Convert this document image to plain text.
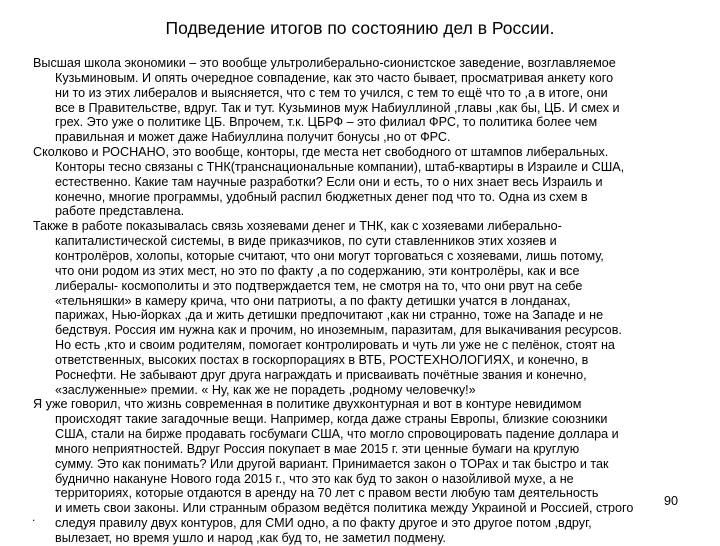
Подведение итогов по состоянию дел в России.
Высшая школа экономики – это вообще ультролиберально-сионистское заведение, возглавляемое
Кузьминовым. И опять очередное совпадение, как это часто бывает, просматривая анкету кого
ни то из этих либералов и выясняется, что с тем то учился, с тем то ещё что то ,а в итоге, они
все в Правительстве, вдруг. Так и тут. Кузьминов муж Набиуллиной ,главы ,как бы, ЦБ. И смех и
грех. Это уже о политике ЦБ. Впрочем, т.к. ЦБРФ – это филиал ФРС, то политика более чем
правильная и может даже Набиуллина получит бонусы ,но от ФРС.
Сколково и РОСНАНО, это вообще, конторы, где места нет свободного от штампов либеральных.
Конторы тесно связаны с ТНК(транснациональные компании), штаб-квартиры в Израиле и США,
естественно. Какие там научные разработки? Если они и есть, то о них знает весь Израиль и
конечно, многие программы, удобный распил бюджетных денег под что то. Одна из схем в
работе представлена.
Также в работе показывалась связь хозяевами денег и ТНК, как с хозяевами либерально-
капиталистической системы, в виде приказчиков, по сути ставленников этих хозяев и
контролёров, холопы, которые считают, что они могут торговаться с хозяевами, лишь потому,
что они родом из этих мест, но это по факту ,а по содержанию, эти контролёры, как и все
либералы- космополиты и это подтверждается тем, не смотря на то, что они рвут на себе
«тельняшки» в камеру крича, что они патриоты, а по факту детишки учатся в лонданах,
парижах, Нью-йорках ,да и жить детишки предпочитают ,как ни странно, тоже на Западе и не
бедствуя. Россия им нужна как и прочим, но иноземным, паразитам, для выкачивания ресурсов.
Но есть ,кто и своим родителям, помогает контролировать и чуть ли уже не с пелёнок, стоят на
ответственных, высоких постах в госкорпорациях в ВТБ, РОСТЕХНОЛОГИЯХ, и конечно, в
Роснефти. Не забывают друг друга награждать и присваивать почётные звания и конечно,
«заслуженные» премии. « Ну, как же не порадеть ,родному человечку!»
Я уже говорил, что жизнь современная в политике двухконтурная и вот в контуре невидимом
происходят такие загадочные вещи. Например, когда даже страны Европы, близкие союзники
США, стали на бирже продавать госбумаги США, что могло спровоцировать падение доллара и
много неприятностей. Вдруг Россия покупает в мае 2015 г. эти ценные бумаги на круглую
сумму. Это как понимать? Или другой вариант. Принимается закон о ТОРах и так быстро и так
буднично накануне Нового года 2015 г., что это как буд то закон о назойливой мухе, а не
территориях, которые отдаются в аренду на 70 лет с правом вести любую там деятельность
и иметь свои законы. Или странным образом ведётся политика между Украиной и Россией, строго
следуя правилу двух контуров, для СМИ одно, а по факту другое и это другое потом ,вдруг,
вылезает, но время ушло и народ ,как буд то, не заметил подмену.
90
.
